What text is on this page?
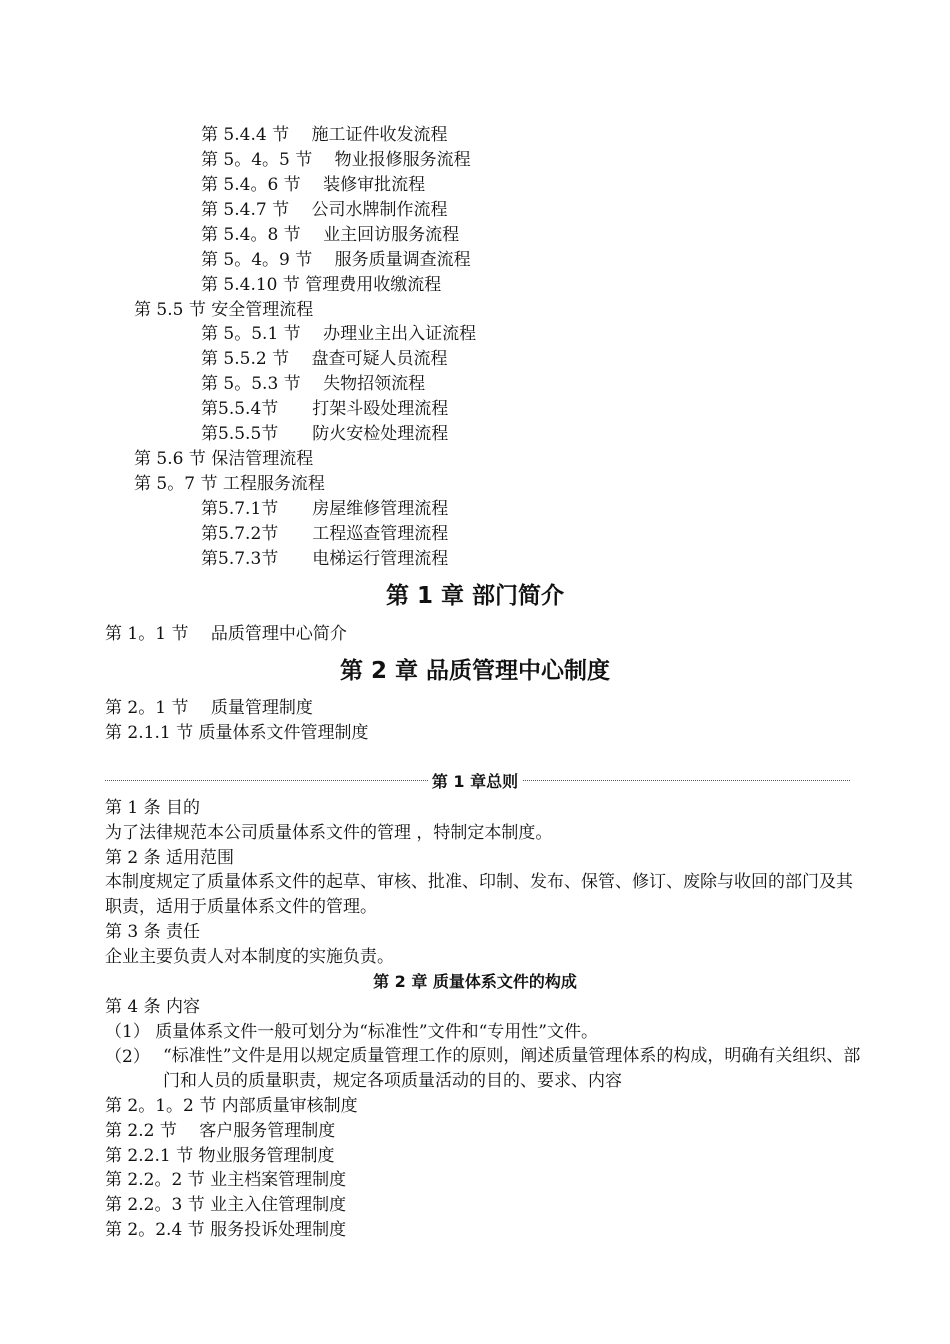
第 5.4.4 节　 施工证件收发流程
第 5。4。5 节　 物业报修服务流程
第 5.4。6 节　 装修审批流程
第 5.4.7 节　 公司水牌制作流程
第 5.4。8 节　 业主回访服务流程
第 5。4。9 节　 服务质量调查流程
第 5.4.10 节 管理费用收缴流程
第 5.5 节 安全管理流程
第 5。5.1 节　 办理业主出入证流程
第 5.5.2 节　 盘查可疑人员流程
第 5。5.3 节　 失物招领流程
第5.5.4节　　 打架斗殴处理流程
第5.5.5节　　 防火安检处理流程
第 5.6 节 保洁管理流程
第 5。7 节 工程服务流程
第5.7.1节　　 房屋维修管理流程
第5.7.2节　　 工程巡查管理流程
第5.7.3节　　 电梯运行管理流程
第 1 章 部门简介
第 1。1 节　 品质管理中心简介
第 2 章 品质管理中心制度
第 2。1 节　 质量管理制度
第 2.1.1 节 质量体系文件管理制度
第 1 章总则
第 1 条 目的
为了法律规范本公司质量体系文件的管理 ，特制定本制度。
第 2 条 适用范围
本制度规定了质量体系文件的起草、审核、批准、印制、发布、保管、修订、废除与收回的部门及其职责，适用于质量体系文件的管理。
第 3 条 责任
企业主要负责人对本制度的实施负责。
第 2 章 质量体系文件的构成
第 4 条 内容
（1） 质量体系文件一般可划分为“标准性”文件和“专用性”文件。
（2） “标准性”文件是用以规定质量管理工作的原则，阐述质量管理体系的构成，明确有关组织、部门和人员的质量职责，规定各项质量活动的目的、要求、内容
第 2。1。2 节 内部质量审核制度
第 2.2 节　 客户服务管理制度
第 2.2.1 节 物业服务管理制度
第 2.2。2 节 业主档案管理制度
第 2.2。3 节 业主入住管理制度
第 2。2.4 节 服务投诉处理制度
